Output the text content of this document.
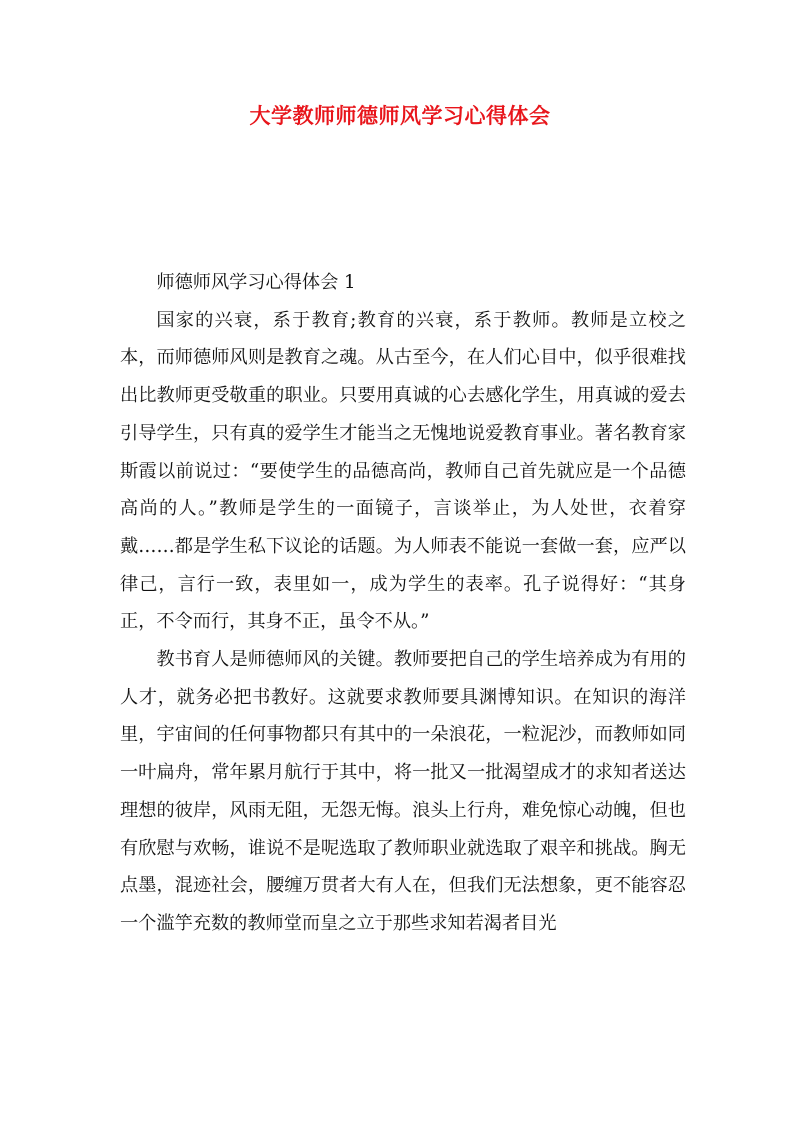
大学教师师德师风学习心得体会

师德师风学习心得体会 1

国家的兴衰，系于教育;教育的兴衰，系于教师。教师是立校之本，而师德师风则是教育之魂。从古至今，在人们心目中，似乎很难找出比教师更受敬重的职业。只要用真诚的心去感化学生，用真诚的爱去引导学生，只有真的爱学生才能当之无愧地说爱教育事业。著名教育家斯霞以前说过：“要使学生的品德高尚，教师自己首先就应是一个品德高尚的人。”教师是学生的一面镜子，言谈举止，为人处世，衣着穿戴……都是学生私下议论的话题。为人师表不能说一套做一套，应严以律己，言行一致，表里如一，成为学生的表率。孔子说得好：“其身正，不令而行，其身不正，虽令不从。”

教书育人是师德师风的关键。教师要把自己的学生培养成为有用的人才，就务必把书教好。这就要求教师要具渊博知识。在知识的海洋里，宇宙间的任何事物都只有其中的一朵浪花，一粒泥沙，而教师如同一叶扁舟，常年累月航行于其中，将一批又一批渴望成才的求知者送达理想的彼岸，风雨无阻，无怨无悔。浪头上行舟，难免惊心动魄，但也有欣慰与欢畅，谁说不是呢选取了教师职业就选取了艰辛和挑战。胸无点墨，混迹社会，腰缠万贯者大有人在，但我们无法想象，更不能容忍一个滥竽充数的教师堂而皇之立于那些求知若渴者目光
